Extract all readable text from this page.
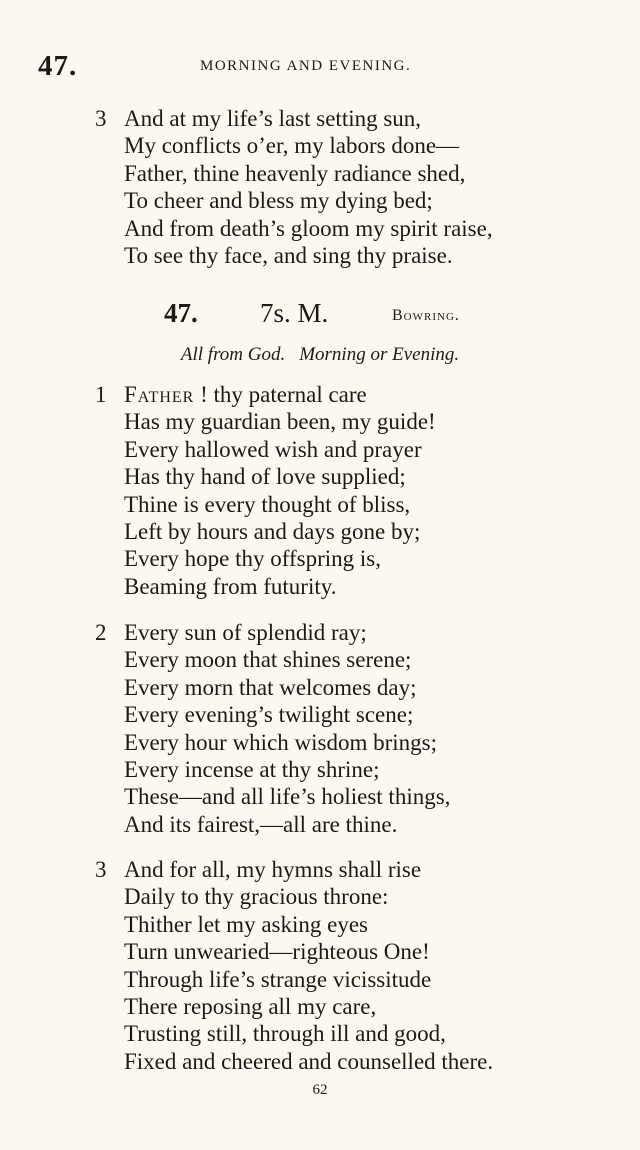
47.	MORNING AND EVENING.
3 And at my life’s last setting sun,
My conflicts o’er, my labors done—
Father, thine heavenly radiance shed,
To cheer and bless my dying bed;
And from death’s gloom my spirit raise,
To see thy face, and sing thy praise.
47. 7s. M.	Bowring.
All from God. Morning or Evening.
1 Father ! thy paternal care
Has my guardian been, my guide!
Every hallowed wish and prayer
Has thy hand of love supplied;
Thine is every thought of bliss,
Left by hours and days gone by;
Every hope thy offspring is,
Beaming from futurity.
2 Every sun of splendid ray;
Every moon that shines serene;
Every morn that welcomes day;
Every evening’s twilight scene;
Every hour which wisdom brings;
Every incense at thy shrine;
These—and all life’s holiest things,
And its fairest,—all are thine.
3 And for all, my hymns shall rise
Daily to thy gracious throne:
Thither let my asking eyes
Turn unwearied—righteous One!
Through life’s strange vicissitude
There reposing all my care,
Trusting still, through ill and good,
Fixed and cheered and counselled there.
62
